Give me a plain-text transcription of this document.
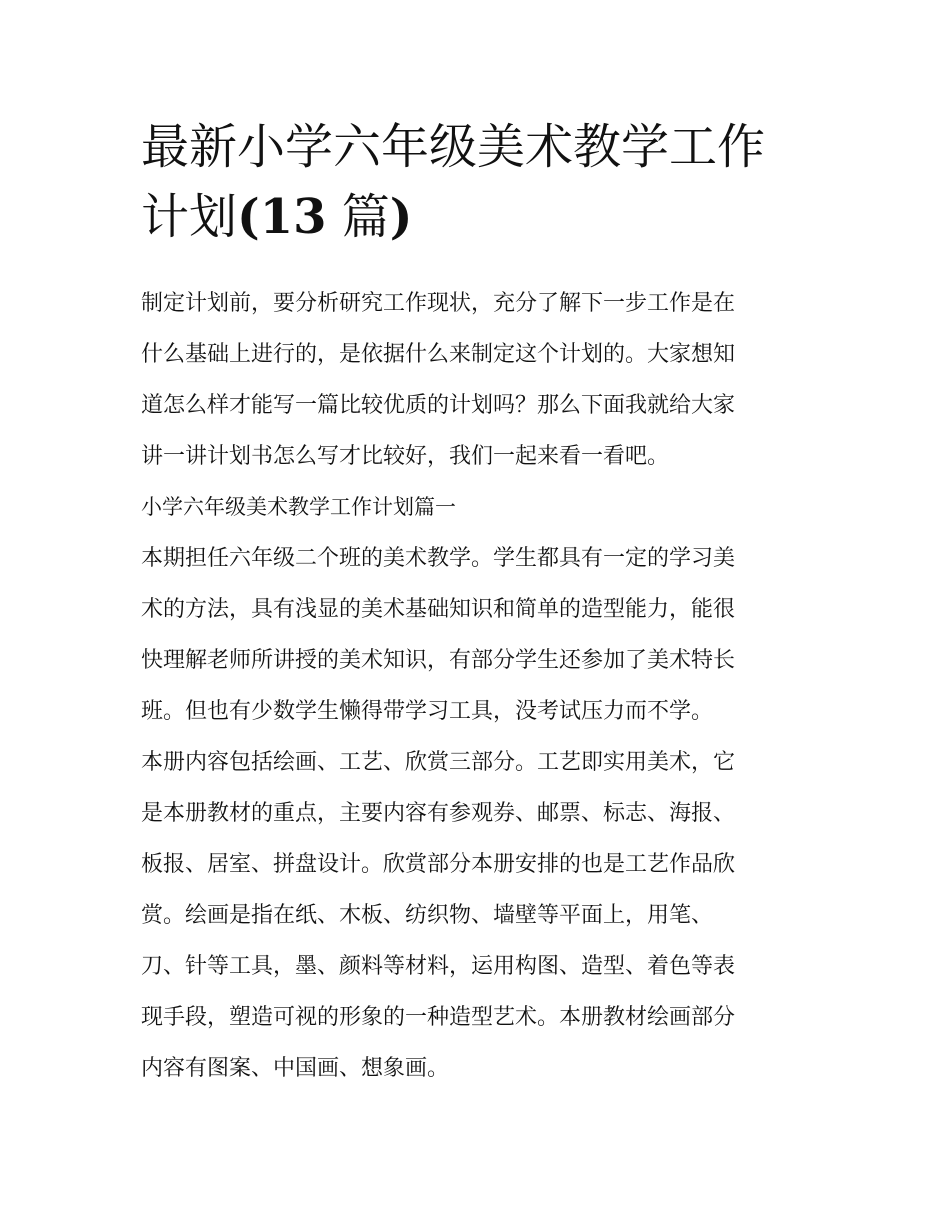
最新小学六年级美术教学工作
计划(13 篇)

制定计划前，要分析研究工作现状，充分了解下一步工作是在
什么基础上进行的，是依据什么来制定这个计划的。大家想知
道怎么样才能写一篇比较优质的计划吗？那么下面我就给大家
讲一讲计划书怎么写才比较好，我们一起来看一看吧。

小学六年级美术教学工作计划篇一

本期担任六年级二个班的美术教学。学生都具有一定的学习美
术的方法，具有浅显的美术基础知识和简单的造型能力，能很
快理解老师所讲授的美术知识，有部分学生还参加了美术特长
班。但也有少数学生懒得带学习工具，没考试压力而不学。

本册内容包括绘画、工艺、欣赏三部分。工艺即实用美术，它
是本册教材的重点，主要内容有参观券、邮票、标志、海报、
板报、居室、拼盘设计。欣赏部分本册安排的也是工艺作品欣
赏。绘画是指在纸、木板、纺织物、墙壁等平面上，用笔、
刀、针等工具，墨、颜料等材料，运用构图、造型、着色等表
现手段，塑造可视的形象的一种造型艺术。本册教材绘画部分
内容有图案、中国画、想象画。
